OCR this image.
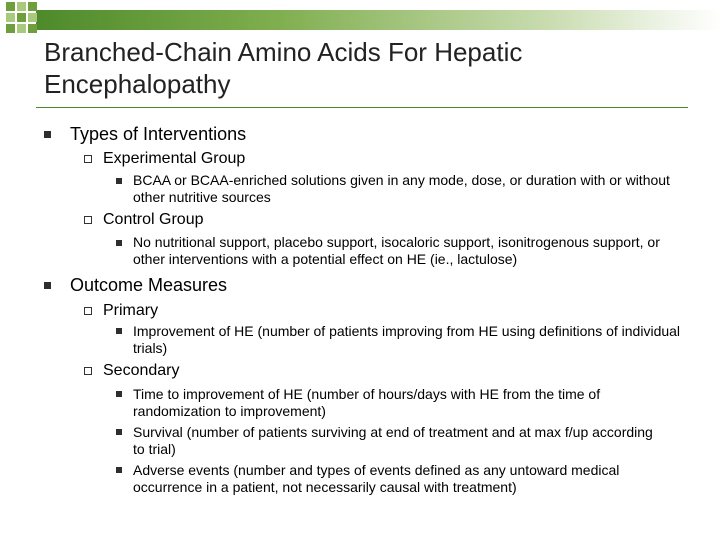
Branched-Chain Amino Acids For Hepatic Encephalopathy
Types of Interventions
Experimental Group
BCAA or BCAA-enriched solutions given in any mode, dose, or duration with or without other nutritive sources
Control Group
No nutritional support, placebo support, isocaloric support, isonitrogenous support, or other interventions with a potential effect on HE (ie., lactulose)
Outcome Measures
Primary
Improvement of HE (number of patients improving from HE using definitions of individual trials)
Secondary
Time to improvement of HE (number of hours/days with HE from the time of randomization to improvement)
Survival (number of patients surviving at end of treatment and at max f/up according to trial)
Adverse events (number and types of events defined as any untoward medical occurrence in a patient, not necessarily causal with treatment)
